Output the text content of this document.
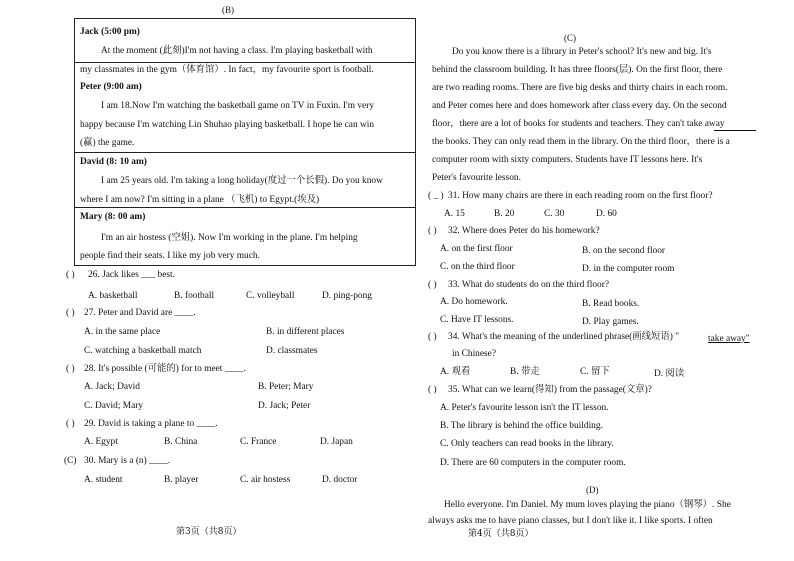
(B)
Jack (5:00 pm)
At the moment (此刻)I'm not having a class. I'm playing basketball with
my classmates in the gym（体育馆）. In fact，my favourite sport is football.
Peter (9:00 am)
I am 18.Now I'm watching the basketball game on TV in Fuxin. I'm very
happy because I'm watching Lin Shuhao playing basketball. I hope he can win
(赢) the game.
David (8: 10 am)
I am 25 years old. I'm taking a long holiday(度过一个长假). Do you know
where I am now? I'm sitting in a plane （飞机) to Egypt.(埃及)
Mary (8: 00 am)
I'm an air hostess (空姐). Now I'm working in the plane. I'm helping
people find their seats. I like my job very much.
( ) 26. Jack likes ___ best.
A. basketball	B. football	C. volleyball	D. ping-pong
( ) 27. Peter and David are ____.
A. in the same place	B. in different places
C. watching a basketball match	D. classmates
( ) 28. It's possible (可能的) for to meet ____.
A. Jack; David	B. Peter; Mary
C. David; Mary	D. Jack; Peter
( ) 29. David is taking a plane to ____.
A. Egypt	B. China	C. France	D. Japan
(C) 30. Mary is a (n) ____.
A. student	B. player	C. air hostess	D. doctor
第3页（共8页）
(C)
Do you know there is a library in Peter's school? It's new and big. It's
behind the classroom building. It has three floors(层). On the first floor, there
are two reading rooms. There are five big desks and thirty chairs in each room.
and Peter comes here and does homework after class every day. On the second
floor，there are a lot of books for students and teachers. They can't take away
the books. They can only read them in the library. On the third floor，there is a
computer room with sixty computers. Students have IT lessons here. It's
Peter's favourite lesson.
( _ ) 31. How many chairs are there in each reading room on the first floor?
A. 15	B. 20	C. 30	D. 60
( ) 32. Where does Peter do his homework?
A. on the first floor	B. on the second floor
C. on the third floor	D. in the computer room
( ) 33. What do students do on the third floor?
A. Do homework.	B. Read books.
C. Have IT lessons.	D. Play games.
( ) 34. What's the meaning of the underlined phrase(画线短语) "	take away"
in Chinese?
A. 观看	B. 带走	C. 留下	D. 阅读
( ) 35. What can we learn(得知) from the passage(文章)?
A. Peter's favourite lesson isn't the IT lesson.
B. The library is behind the office building.
C. Only teachers can read books in the library.
D. There are 60 computers in the computer room.
(D)
Hello everyone. I'm Daniel. My mum loves playing the piano（钢琴）. She
always asks me to have piano classes, but I don't like it. I like sports. I often
第4页（共8页）
